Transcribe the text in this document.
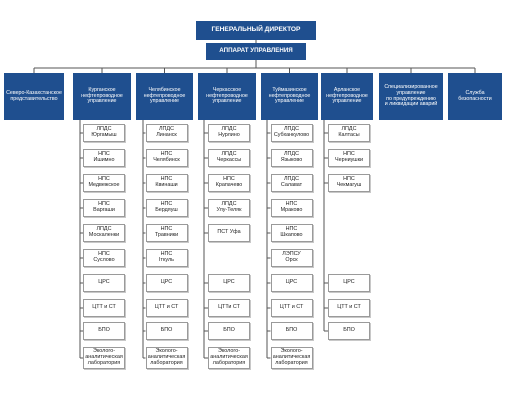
ГЕНЕРАЛЬНЫЙ ДИРЕКТОР
АППАРАТ УПРАВЛЕНИЯ
Северо-Казахстанское
представительство
Курганское
нефтепроводное
управление
ЛПДС
Юргамыш
НПС
Ишимно
НПС
Медвежское
НПС
Варгаши
ЛПДС
Москаленки
НПС
Суслово
ЦРС
ЦТТ и СТ
БПО
Эколого-
аналитическая
лаборатория
Челябинское
нефтепроводное
управление
ЛПДС
Линанск
НПС
Челябинск
НПС
Квинаши
НПС
Бердяуш
НПС
Травники
НПС
Іткуль
ЦРС
ЦТТ и СТ
БПО
Эколого-
аналитическая
лаборатория
Черкасское
нефтепроводное
управление
ЛПДС
Нурлино
ЛПДС
Черкассы
НПС
Крапачево
ЛПДС
Улу-Теляк
ПСТ Уфа
ЦРС
ЦТТи СТ
БПО
Эколого-
аналитическая
лаборатория
Туймазинское
нефтепроводное
управление
ЛПДС
Субханкулово
ЛПДС
Языково
ЛПДС
Салават
НПС
Мраково
НПС
Шкапово
ЛЭПСУ
Орск
ЦРС
ЦТТ и СТ
БПО
Эколого-
аналитическая
лаборатория
Арланское
нефтепроводное
управление
ЛПДС
Калтасы
НПС
Черниушки
НПС
Чекмагуш
ЦРС
ЦТТ и СТ
БПО
Специализированное
управление
по предупреждению
и ликвидации аварий
Служба
безопасности
